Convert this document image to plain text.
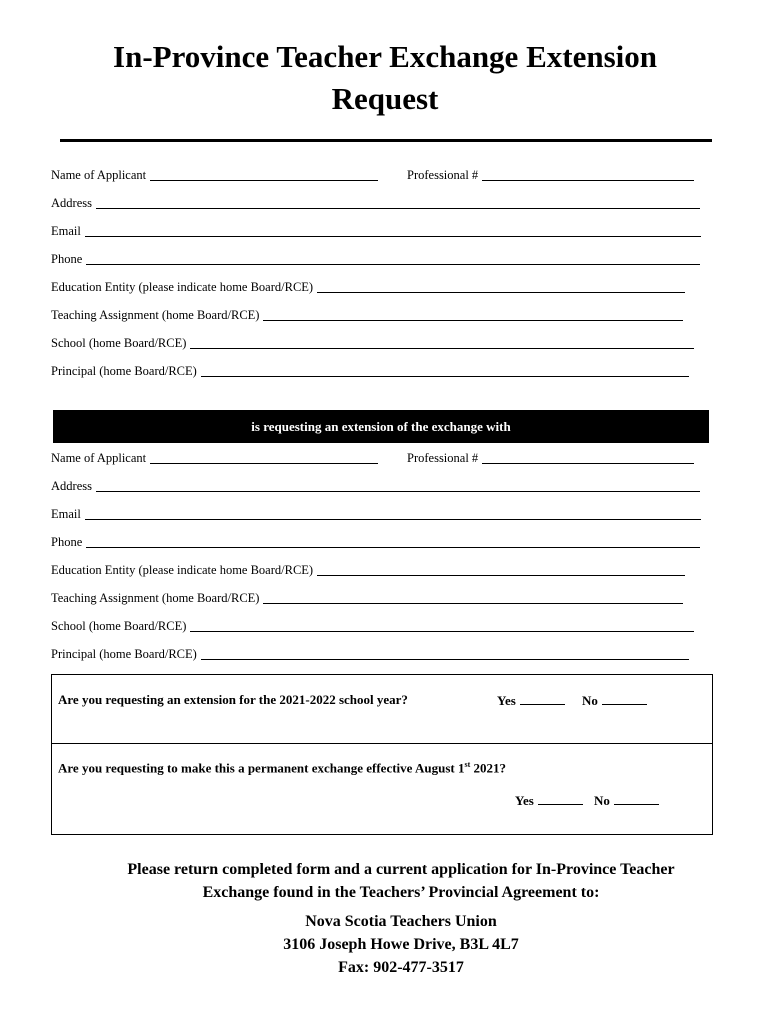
In-Province Teacher Exchange Extension
Request
Name of Applicant	Professional #
Address
Email
Phone
Education Entity (please indicate home Board/RCE)
Teaching Assignment (home Board/RCE)
School (home Board/RCE)
Principal (home Board/RCE)
is requesting an extension of the exchange with
Name of Applicant	Professional #
Address
Email
Phone
Education Entity (please indicate home Board/RCE)
Teaching Assignment (home Board/RCE)
School (home Board/RCE)
Principal (home Board/RCE)
Are you requesting an extension for the 2021-2022 school year?	Yes	No
Are you requesting to make this a permanent exchange effective August 1st 2021?
Yes	No
Please return completed form and a current application for In-Province Teacher
Exchange found in the Teachers’ Provincial Agreement to:
Nova Scotia Teachers Union
3106 Joseph Howe Drive, B3L 4L7
Fax: 902-477-3517
